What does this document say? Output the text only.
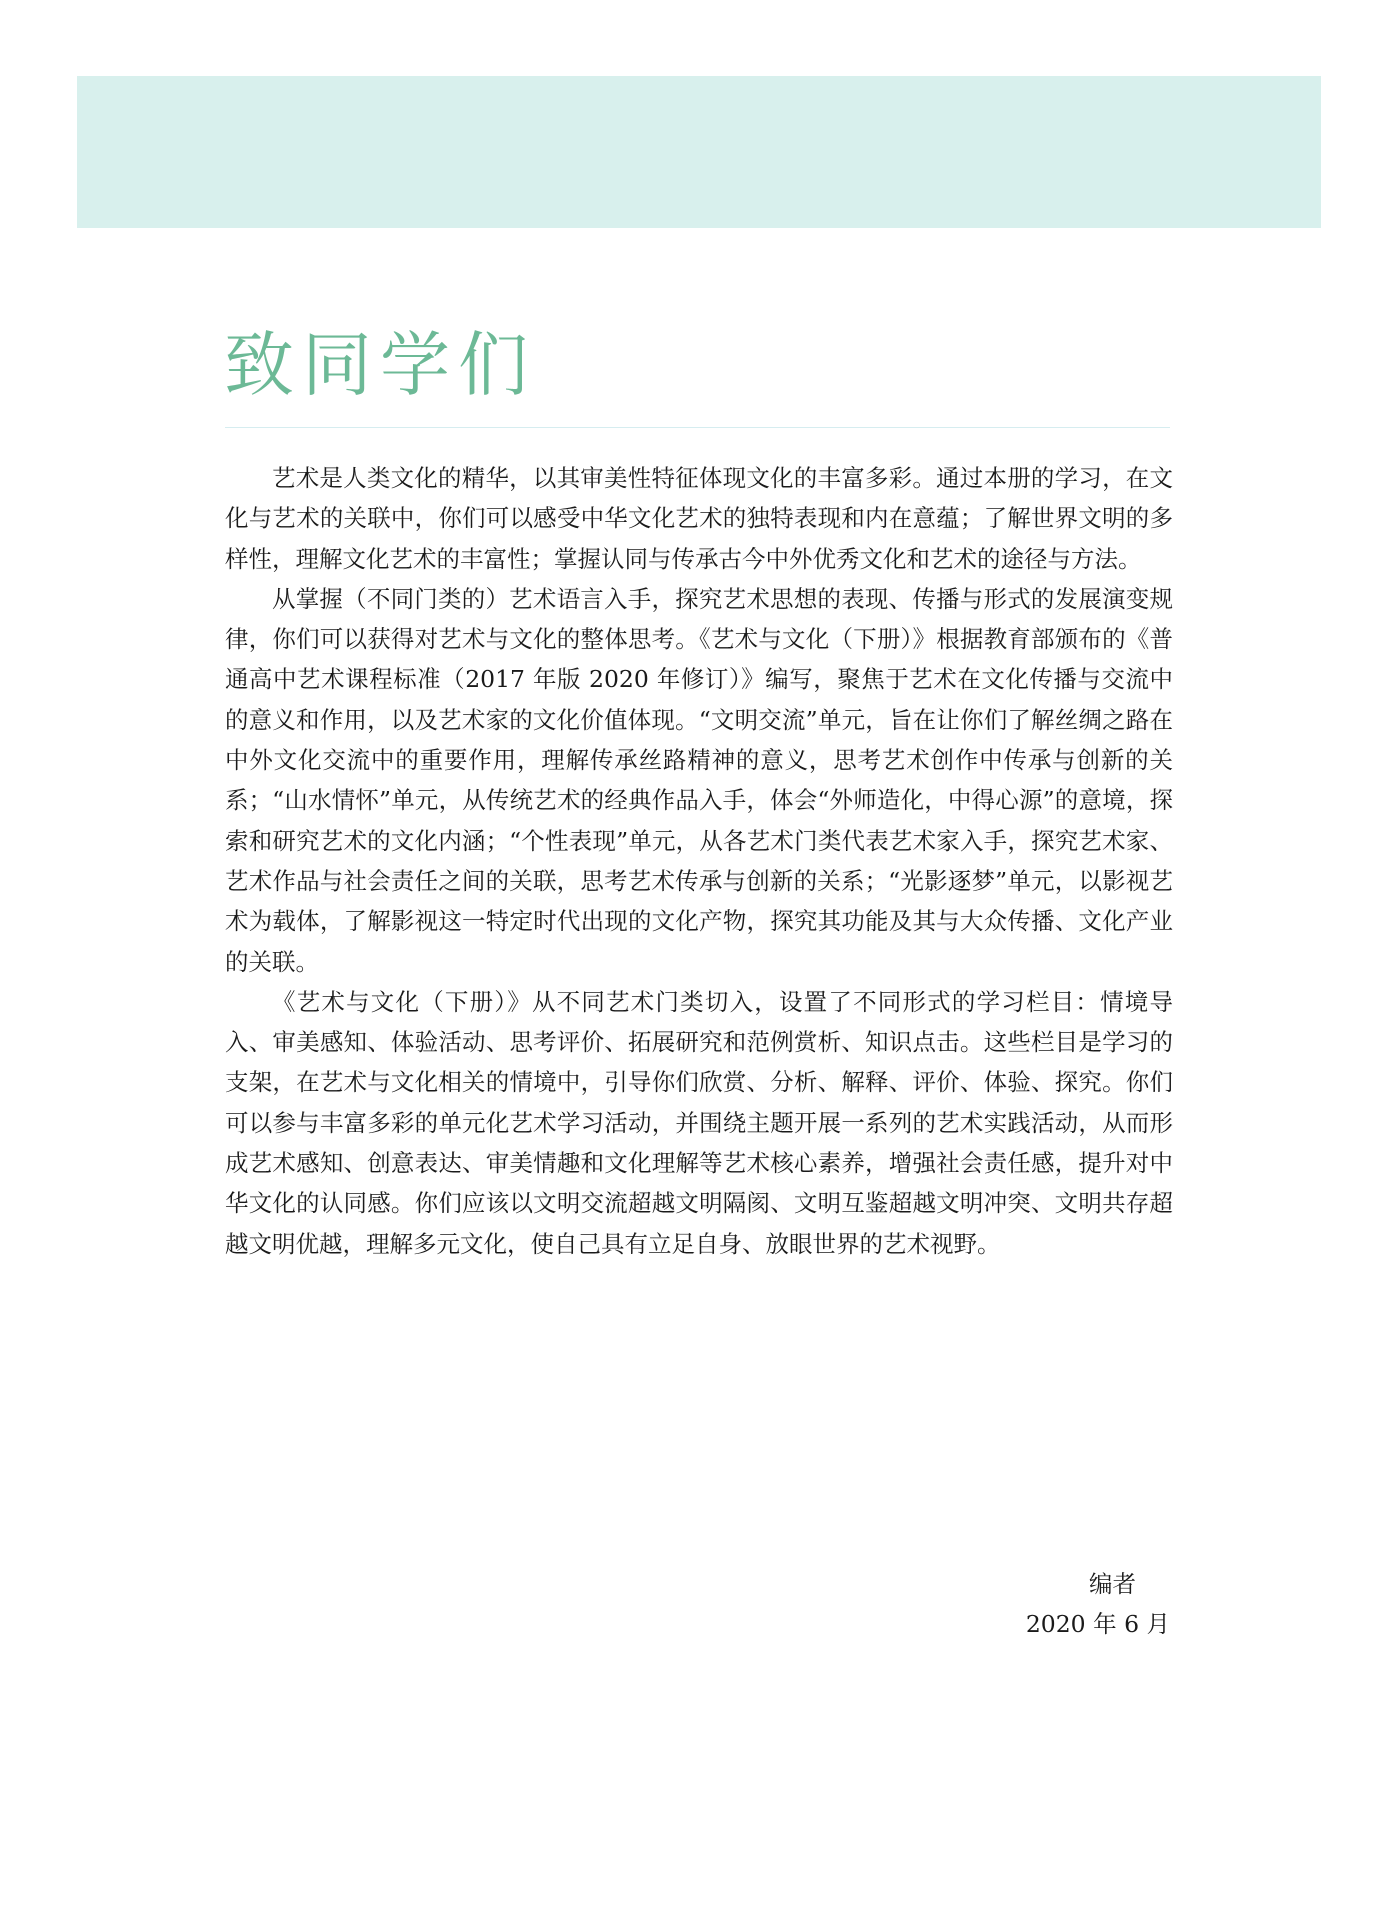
致同学们

艺术是人类文化的精华，以其审美性特征体现文化的丰富多彩。通过本册的学习，在文化与艺术的关联中，你们可以感受中华文化艺术的独特表现和内在意蕴；了解世界文明的多样性，理解文化艺术的丰富性；掌握认同与传承古今中外优秀文化和艺术的途径与方法。

从掌握（不同门类的）艺术语言入手，探究艺术思想的表现、传播与形式的发展演变规律，你们可以获得对艺术与文化的整体思考。《艺术与文化（下册）》根据教育部颁布的《普通高中艺术课程标准（2017 年版 2020 年修订）》编写，聚焦于艺术在文化传播与交流中的意义和作用，以及艺术家的文化价值体现。“文明交流”单元，旨在让你们了解丝绸之路在中外文化交流中的重要作用，理解传承丝路精神的意义，思考艺术创作中传承与创新的关系；“山水情怀”单元，从传统艺术的经典作品入手，体会“外师造化，中得心源”的意境，探索和研究艺术的文化内涵；“个性表现”单元，从各艺术门类代表艺术家入手，探究艺术家、艺术作品与社会责任之间的关联，思考艺术传承与创新的关系；“光影逐梦”单元，以影视艺术为载体，了解影视这一特定时代出现的文化产物，探究其功能及其与大众传播、文化产业的关联。

《艺术与文化（下册）》从不同艺术门类切入，设置了不同形式的学习栏目：情境导入、审美感知、体验活动、思考评价、拓展研究和范例赏析、知识点击。这些栏目是学习的支架，在艺术与文化相关的情境中，引导你们欣赏、分析、解释、评价、体验、探究。你们可以参与丰富多彩的单元化艺术学习活动，并围绕主题开展一系列的艺术实践活动，从而形成艺术感知、创意表达、审美情趣和文化理解等艺术核心素养，增强社会责任感，提升对中华文化的认同感。你们应该以文明交流超越文明隔阂、文明互鉴超越文明冲突、文明共存超越文明优越，理解多元文化，使自己具有立足自身、放眼世界的艺术视野。

编者
2020 年 6 月
